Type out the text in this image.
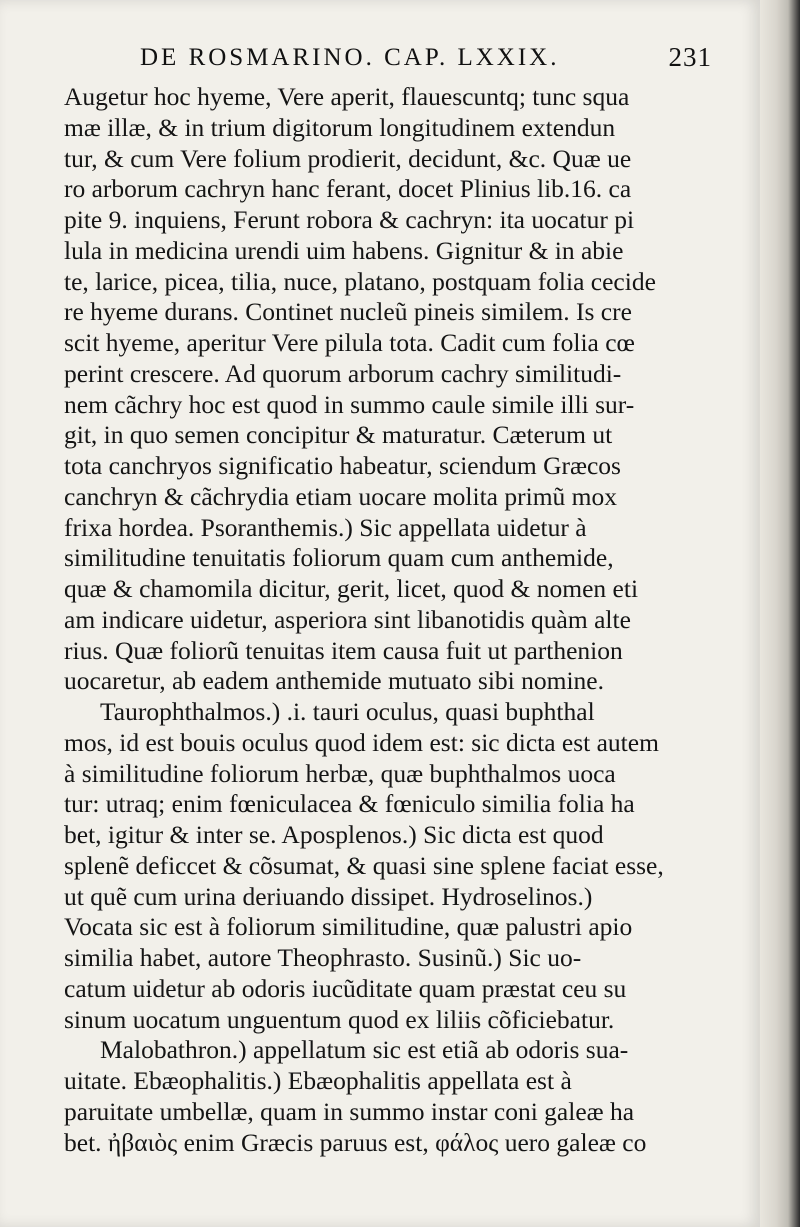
DE ROSMARINO. CAP. LXXIX.	231
Augetur hoc hyeme, Vere aperit, flauescuntq; tunc squa
mæ illæ, & in trium digitorum longitudinem extendun
tur, & cum Vere folium prodierit, decidunt, &c. Quæ ue
ro arborum cachryn hanc ferant, docet Plinius lib.16. ca
pite 9. inquiens, Ferunt robora & cachryn: ita uocatur pi
lula in medicina urendi uim habens. Gignitur & in abie
te, larice, picea, tilia, nuce, platano, postquam folia cecide
re hyeme durans. Continet nucleũ pineis similem. Is cre
scit hyeme, aperitur Vere pilula tota. Cadit cum folia cœ
perint crescere. Ad quorum arborum cachry similitudi-
nem cãchry hoc est quod in summo caule simile illi sur-
git, in quo semen concipitur & maturatur. Cæterum ut
tota canchryos significatio habeatur, sciendum Græcos
canchryn & cãchrydia etiam uocare molita primũ mox
frixa hordea. Psoranthemis.) Sic appellata uidetur à
similitudine tenuitatis foliorum quam cum anthemide,
quæ & chamomila dicitur, gerit, licet, quod & nomen eti
am indicare uidetur, asperiora sint libanotidis quàm alte
rius. Quæ foliorũ tenuitas item causa fuit ut parthenion
uocaretur, ab eadem anthemide mutuato sibi nomine.
Taurophthalmos.) .i. tauri oculus, quasi buphthal
mos, id est bouis oculus quod idem est: sic dicta est autem
à similitudine foliorum herbæ, quæ buphthalmos uoca
tur: utraq; enim fœniculacea & fœniculo similia folia ha
bet, igitur & inter se. Aposplenos.) Sic dicta est quod
splenẽ deficcet & cõsumat, & quasi sine splene faciat esse,
ut quẽ cum urina deriuando dissipet. Hydroselinos.)
Vocata sic est à foliorum similitudine, quæ palustri apio
similia habet, autore Theophrasto. Susinũ.) Sic uo-
catum uidetur ab odoris iucũditate quam præstat ceu su
sinum uocatum unguentum quod ex liliis cõficiebatur.
Malobathron.) appellatum sic est etiã ab odoris sua-
uitate. Ebæophalitis.) Ebæophalitis appellata est à
paruitate umbellæ, quam in summo instar coni galeæ ha
bet. ἠβαιὸς enim Græcis paruus est, φάλος uero galeæ co
